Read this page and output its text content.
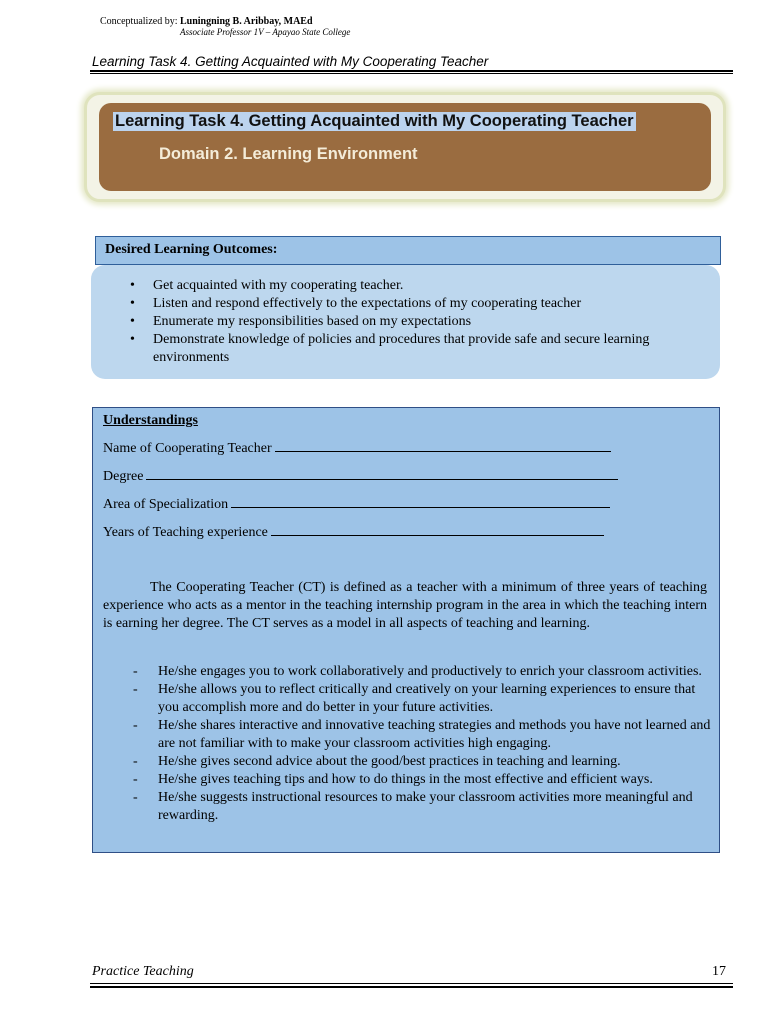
Conceptualized by: Luningning B. Aribbay, MAEd
Associate Professor 1V – Apayao State College
Learning Task 4. Getting Acquainted with My Cooperating Teacher
Learning Task 4. Getting Acquainted with My Cooperating Teacher
Domain 2. Learning Environment
Desired Learning Outcomes:
• Get acquainted with my cooperating teacher.
• Listen and respond effectively to the expectations of my cooperating teacher
• Enumerate my responsibilities based on my expectations
• Demonstrate knowledge of policies and procedures that provide safe and secure learning environments
Understandings
Name of Cooperating Teacher
Degree
Area of Specialization
Years of Teaching experience

The Cooperating Teacher (CT) is defined as a teacher with a minimum of three years of teaching experience who acts as a mentor in the teaching internship program in the area in which the teaching intern is earning her degree. The CT serves as a model in all aspects of teaching and learning.

- He/she engages you to work collaboratively and productively to enrich your classroom activities.
- He/she allows you to reflect critically and creatively on your learning experiences to ensure that you accomplish more and do better in your future activities.
- He/she shares interactive and innovative teaching strategies and methods you have not learned and are not familiar with to make your classroom activities high engaging.
- He/she gives second advice about the good/best practices in teaching and learning.
- He/she gives teaching tips and how to do things in the most effective and efficient ways.
- He/she suggests instructional resources to make your classroom activities more meaningful and rewarding.
Practice Teaching	17
